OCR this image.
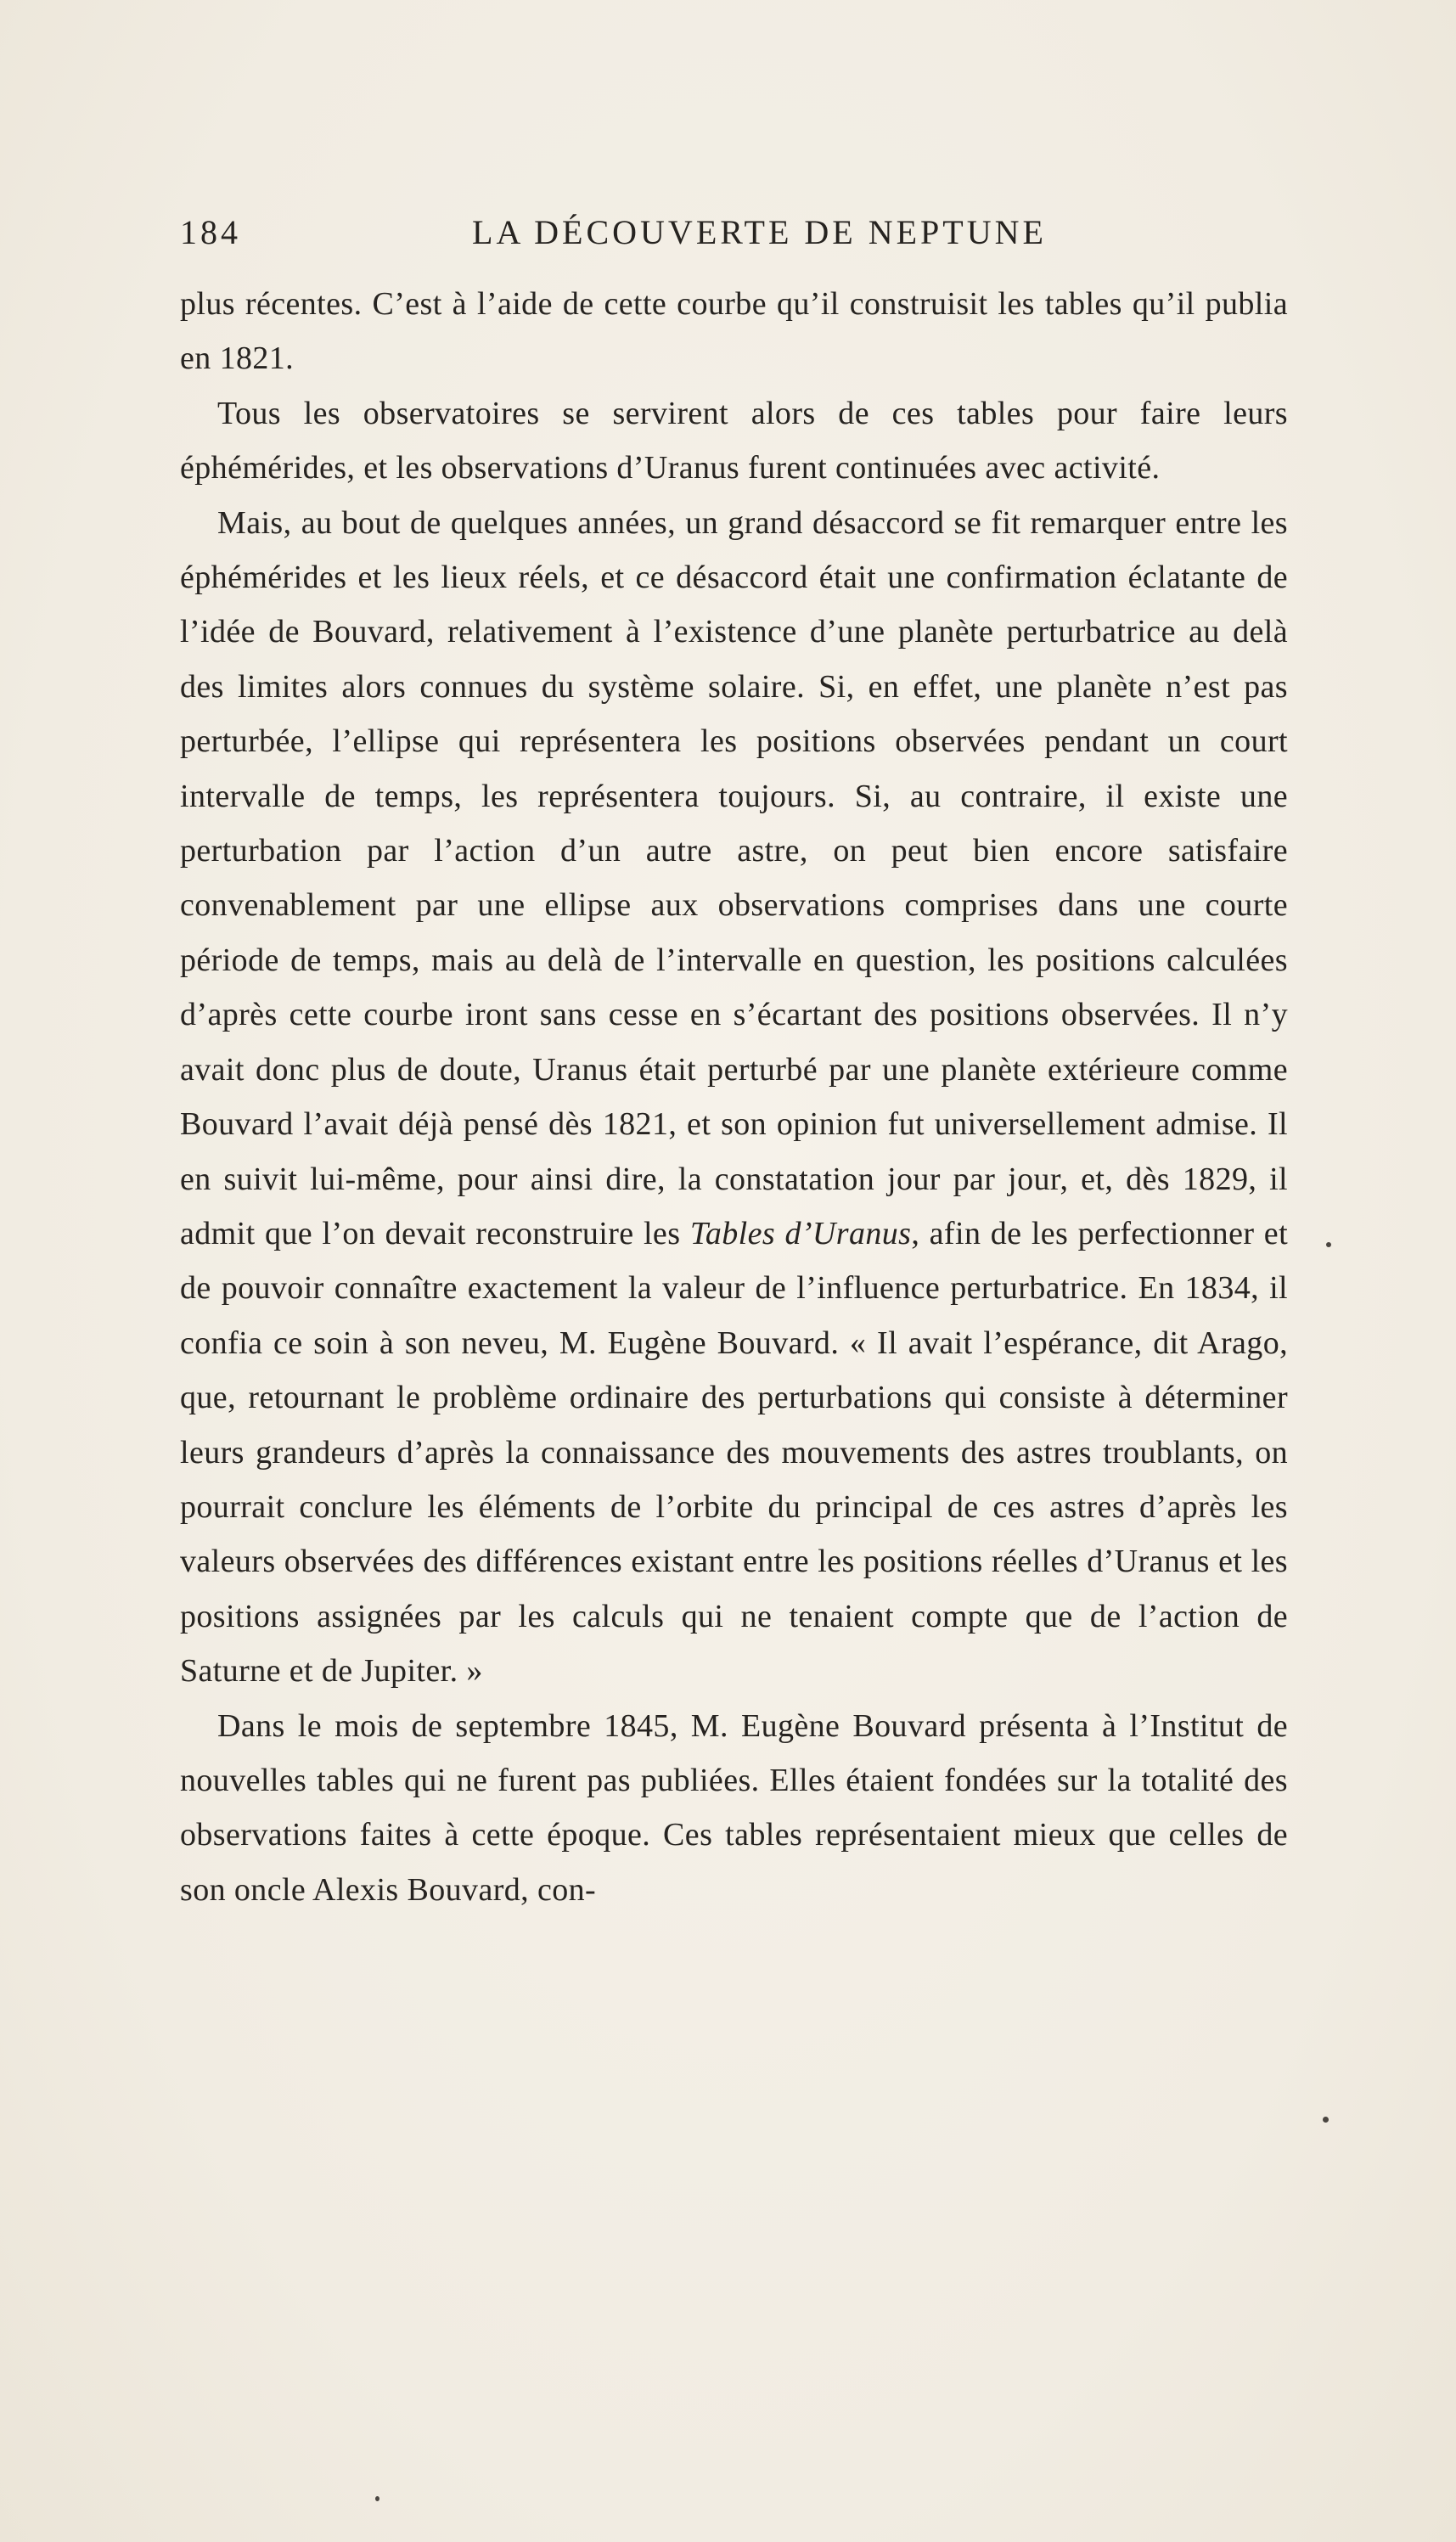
184	LA DÉCOUVERTE DE NEPTUNE

plus récentes. C’est à l’aide de cette courbe qu’il construisit les tables qu’il publia en 1821.

Tous les observatoires se servirent alors de ces tables pour faire leurs éphémérides, et les observations d’Uranus furent continuées avec activité.

Mais, au bout de quelques années, un grand désaccord se fit remarquer entre les éphémérides et les lieux réels, et ce désaccord était une confirmation éclatante de l’idée de Bouvard, relativement à l’existence d’une planète perturbatrice au delà des limites alors connues du système solaire. Si, en effet, une planète n’est pas perturbée, l’ellipse qui représentera les positions observées pendant un court intervalle de temps, les représentera toujours. Si, au contraire, il existe une perturbation par l’action d’un autre astre, on peut bien encore satisfaire convenablement par une ellipse aux observations comprises dans une courte période de temps, mais au delà de l’intervalle en question, les positions calculées d’après cette courbe iront sans cesse en s’écartant des positions observées. Il n’y avait donc plus de doute, Uranus était perturbé par une planète extérieure comme Bouvard l’avait déjà pensé dès 1821, et son opinion fut universellement admise. Il en suivit lui-même, pour ainsi dire, la constatation jour par jour, et, dès 1829, il admit que l’on devait reconstruire les Tables d’Uranus, afin de les perfectionner et de pouvoir connaître exactement la valeur de l’influence perturbatrice. En 1834, il confia ce soin à son neveu, M. Eugène Bouvard. « Il avait l’espérance, dit Arago, que, retournant le problème ordinaire des perturbations qui consiste à déterminer leurs grandeurs d’après la connaissance des mouvements des astres troublants, on pourrait conclure les éléments de l’orbite du principal de ces astres d’après les valeurs observées des différences existant entre les positions réelles d’Uranus et les positions assignées par les calculs qui ne tenaient compte que de l’action de Saturne et de Jupiter. »

Dans le mois de septembre 1845, M. Eugène Bouvard présenta à l’Institut de nouvelles tables qui ne furent pas publiées. Elles étaient fondées sur la totalité des observations faites à cette époque. Ces tables représentaient mieux que celles de son oncle Alexis Bouvard, con-
